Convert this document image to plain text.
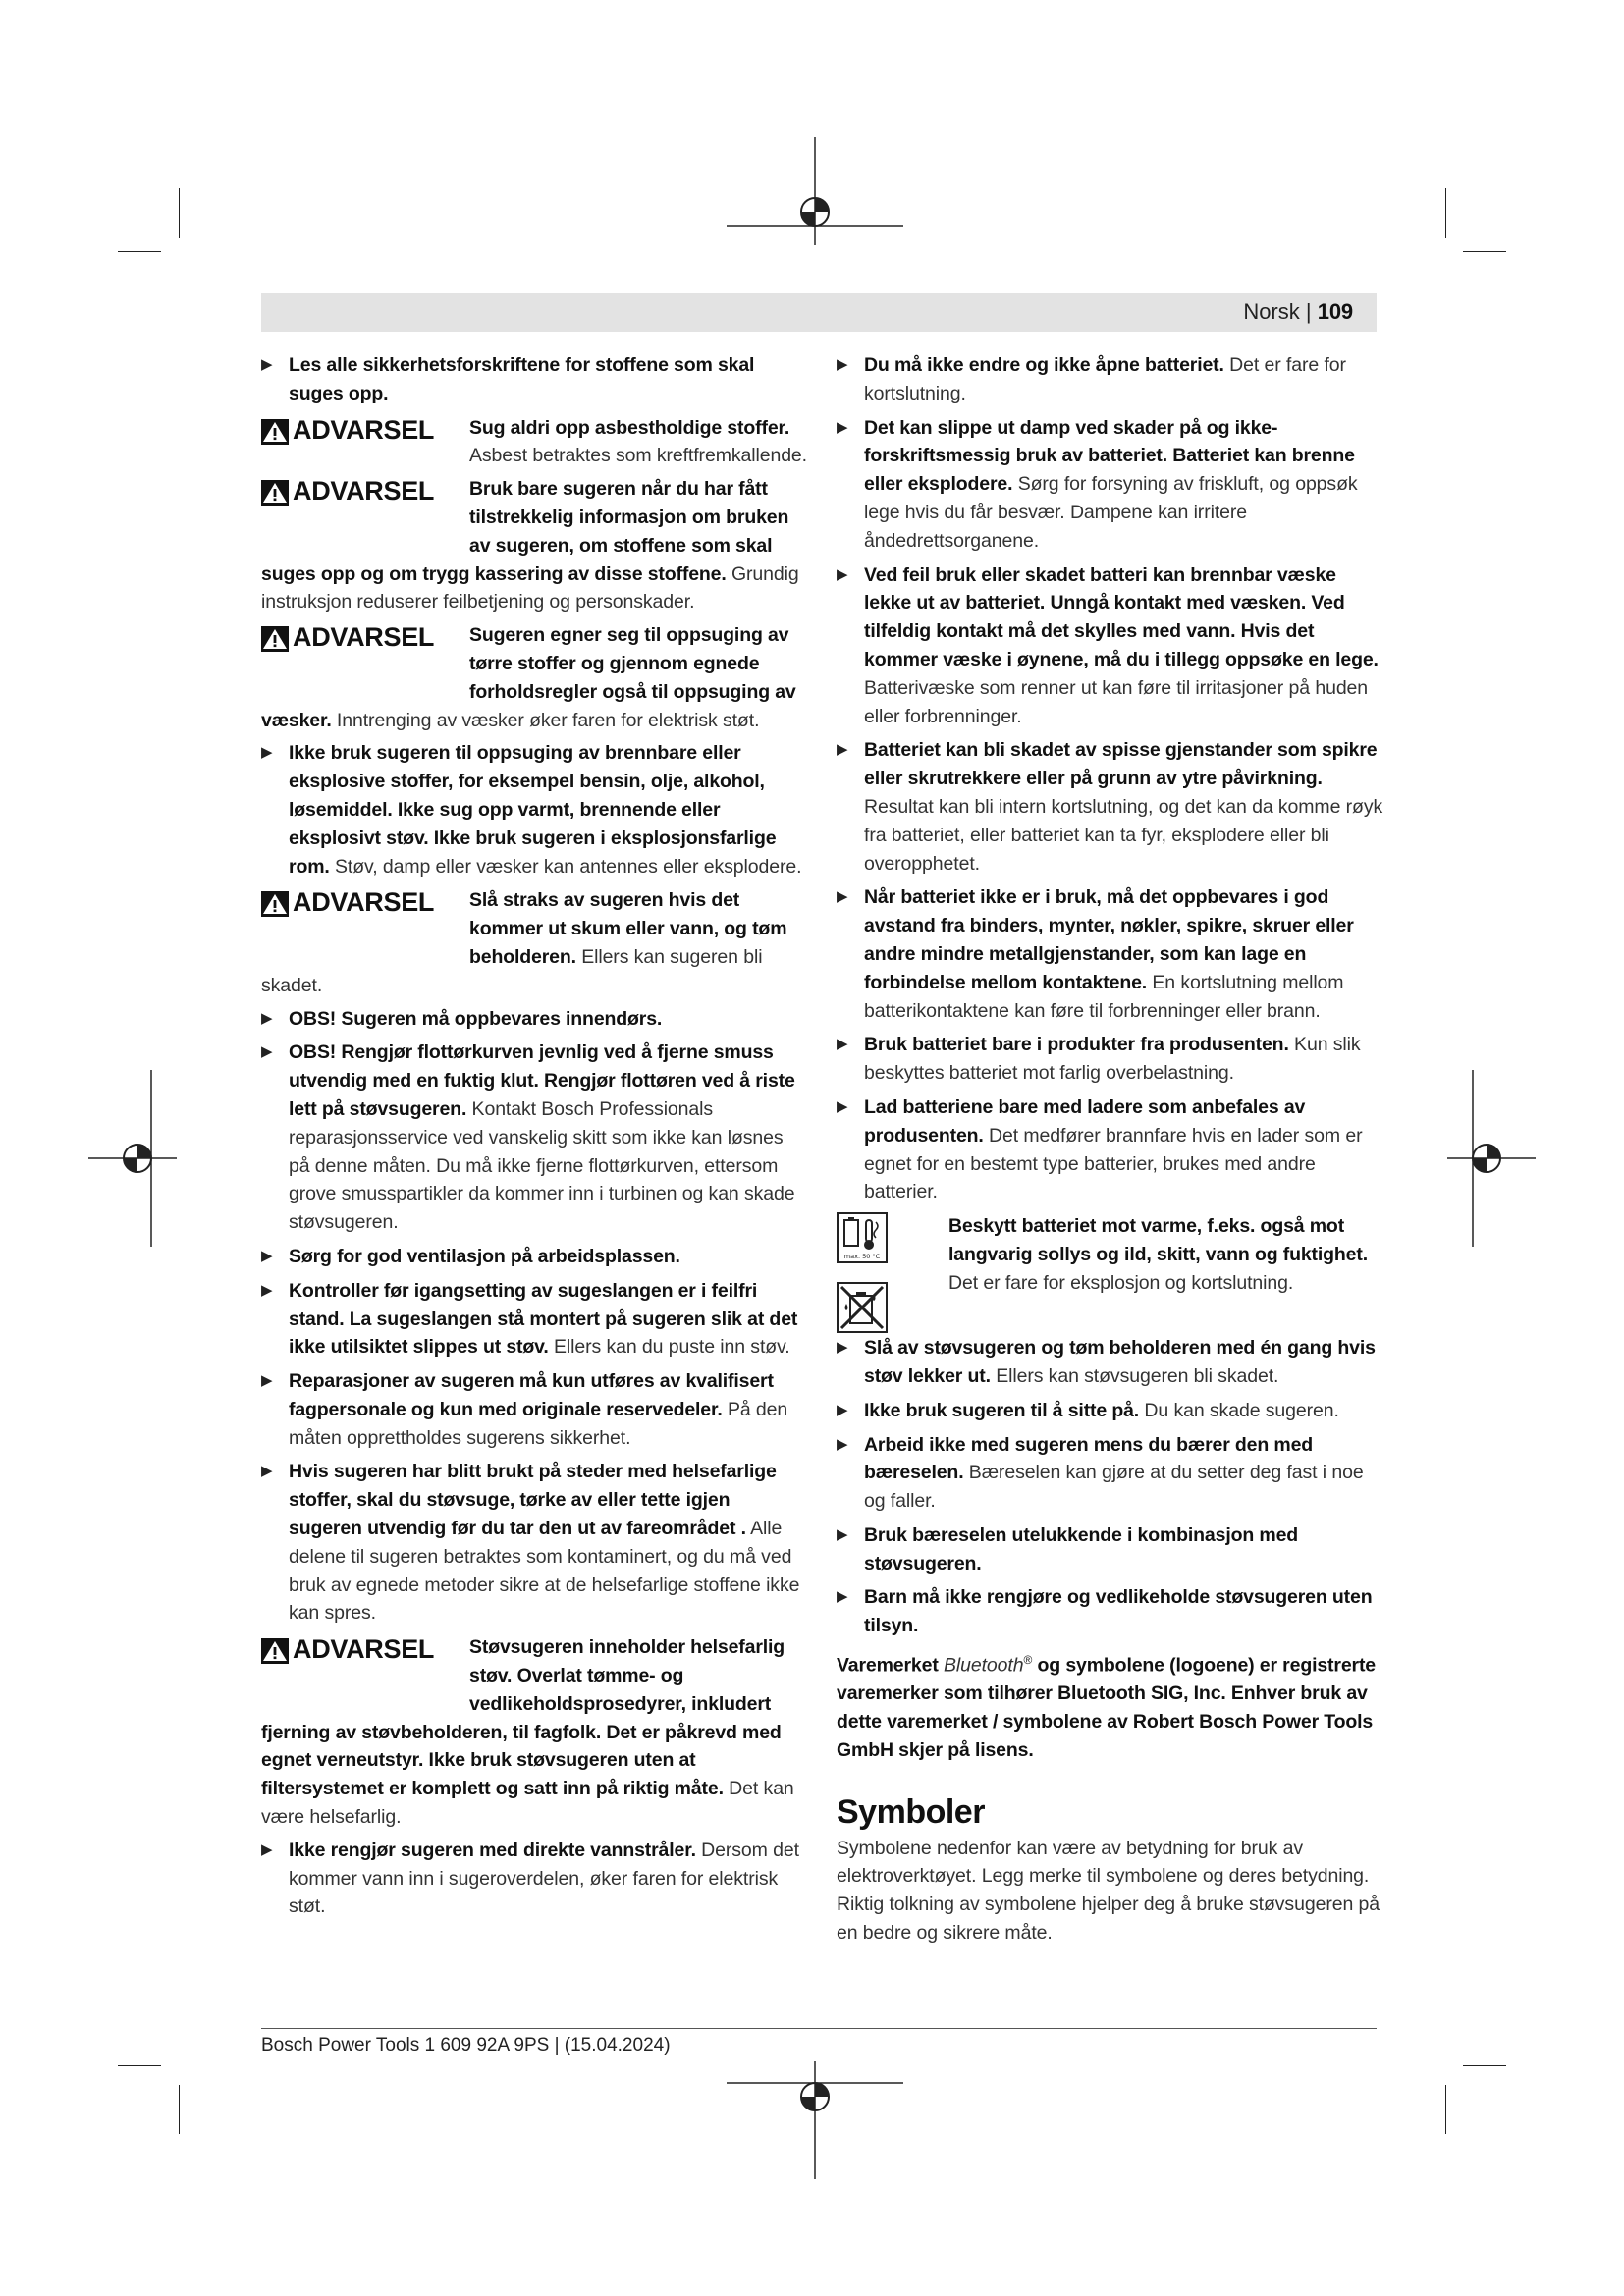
Norsk | 109

▶ Les alle sikkerhetsforskriftene for stoffene som skal suges opp.

ADVARSEL Sug aldri opp asbestholdige stoffer. Asbest betraktes som kreftfremkallende.
ADVARSEL Bruk bare sugeren når du har fått tilstrekkelig informasjon om bruken av sugeren, om stoffene som skal suges opp og om trygg kassering av disse stoffene. Grundig instruksjon reduserer feilbetjening og personskader.
ADVARSEL Sugeren egner seg til oppsuging av tørre stoffer og gjennom egnede forholdsregler også til oppsuging av væsker. Inntrenging av væsker øker faren for elektrisk støt.

▶ Ikke bruk sugeren til oppsuging av brennbare eller eksplosive stoffer, for eksempel bensin, olje, alkohol, løsemiddel. Ikke sug opp varmt, brennende eller eksplosivt støv. Ikke bruk sugeren i eksplosjonsfarlige rom. Støv, damp eller væsker kan antennes eller eksplodere.

ADVARSEL Slå straks av sugeren hvis det kommer ut skum eller vann, og tøm beholderen. Ellers kan sugeren bli skadet.

▶ OBS! Sugeren må oppbevares innendørs.

▶ OBS! Rengjør flottørkurven jevnlig ved å fjerne smuss utvendig med en fuktig klut. Rengjør flottøren ved å riste lett på støvsugeren. Kontakt Bosch Professionals reparasjonsservice ved vanskelig skitt som ikke kan løsnes på denne måten. Du må ikke fjerne flottørkurven, ettersom grove smusspartikler da kommer inn i turbinen og kan skade støvsugeren.

▶ Sørg for god ventilasjon på arbeidsplassen.

▶ Kontroller før igangsetting av sugeslangen er i feilfri stand. La sugeslangen stå montert på sugeren slik at det ikke utilsiktet slippes ut støv. Ellers kan du puste inn støv.

▶ Reparasjoner av sugeren må kun utføres av kvalifisert fagpersonale og kun med originale reservedeler. På den måten opprettholdes sugerens sikkerhet.

▶ Hvis sugeren har blitt brukt på steder med helsefarlige stoffer, skal du støvsuge, tørke av eller tette igjen sugeren utvendig før du tar den ut av fareområdet . Alle delene til sugeren betraktes som kontaminert, og du må ved bruk av egnede metoder sikre at de helsefarlige stoffene ikke kan spres.

ADVARSEL Støvsugeren inneholder helsefarlig støv. Overlat tømme- og vedlikeholdsprosedyrer, inkludert fjerning av støvbeholderen, til fagfolk. Det er påkrevd med egnet verneutstyr. Ikke bruk støvsugeren uten at filtersystemet er komplett og satt inn på riktig måte. Det kan være helsefarlig.

▶ Ikke rengjør sugeren med direkte vannstråler. Dersom det kommer vann inn i sugeroverdelen, øker faren for elektrisk støt.

▶ Du må ikke endre og ikke åpne batteriet. Det er fare for kortslutning.

▶ Det kan slippe ut damp ved skader på og ikke-forskriftsmessig bruk av batteriet. Batteriet kan brenne eller eksplodere. Sørg for forsyning av friskluft, og oppsøk lege hvis du får besvær. Dampene kan irritere åndedrettsorganene.

▶ Ved feil bruk eller skadet batteri kan brennbar væske lekke ut av batteriet. Unngå kontakt med væsken. Ved tilfeldig kontakt må det skylles med vann. Hvis det kommer væske i øynene, må du i tillegg oppsøke en lege. Batterivæske som renner ut kan føre til irritasjoner på huden eller forbrenninger.

▶ Batteriet kan bli skadet av spisse gjenstander som spikre eller skrutrekkere eller på grunn av ytre påvirkning. Resultat kan bli intern kortslutning, og det kan da komme røyk fra batteriet, eller batteriet kan ta fyr, eksplodere eller bli overopphetet.

▶ Når batteriet ikke er i bruk, må det oppbevares i god avstand fra binders, mynter, nøkler, spikre, skruer eller andre mindre metallgjenstander, som kan lage en forbindelse mellom kontaktene. En kortslutning mellom batterikontaktene kan føre til forbrenninger eller brann.

▶ Bruk batteriet bare i produkter fra produsenten. Kun slik beskyttes batteriet mot farlig overbelastning.

▶ Lad batteriene bare med ladere som anbefales av produsenten. Det medfører brannfare hvis en lader som er egnet for en bestemt type batterier, brukes med andre batterier.

max. 50 °C

Beskytt batteriet mot varme, f.eks. også mot langvarig sollys og ild, skitt, vann og fuktighet. Det er fare for eksplosjon og kortslutning.

▶ Slå av støvsugeren og tøm beholderen med én gang hvis støv lekker ut. Ellers kan støvsugeren bli skadet.

▶ Ikke bruk sugeren til å sitte på. Du kan skade sugeren.

▶ Arbeid ikke med sugeren mens du bærer den med bæreselen. Bæreselen kan gjøre at du setter deg fast i noe og faller.

▶ Bruk bæreselen utelukkende i kombinasjon med støvsugeren.

▶ Barn må ikke rengjøre og vedlikeholde støvsugeren uten tilsyn.

Varemerket Bluetooth® og symbolene (logoene) er registrerte varemerker som tilhører Bluetooth SIG, Inc. Enhver bruk av dette varemerket / symbolene av Robert Bosch Power Tools GmbH skjer på lisens.

Symboler

Symbolene nedenfor kan være av betydning for bruk av elektroverktøyet. Legg merke til symbolene og deres betydning. Riktig tolkning av symbolene hjelper deg å bruke støvsugeren på en bedre og sikrere måte.

Bosch Power Tools 1 609 92A 9PS | (15.04.2024)
